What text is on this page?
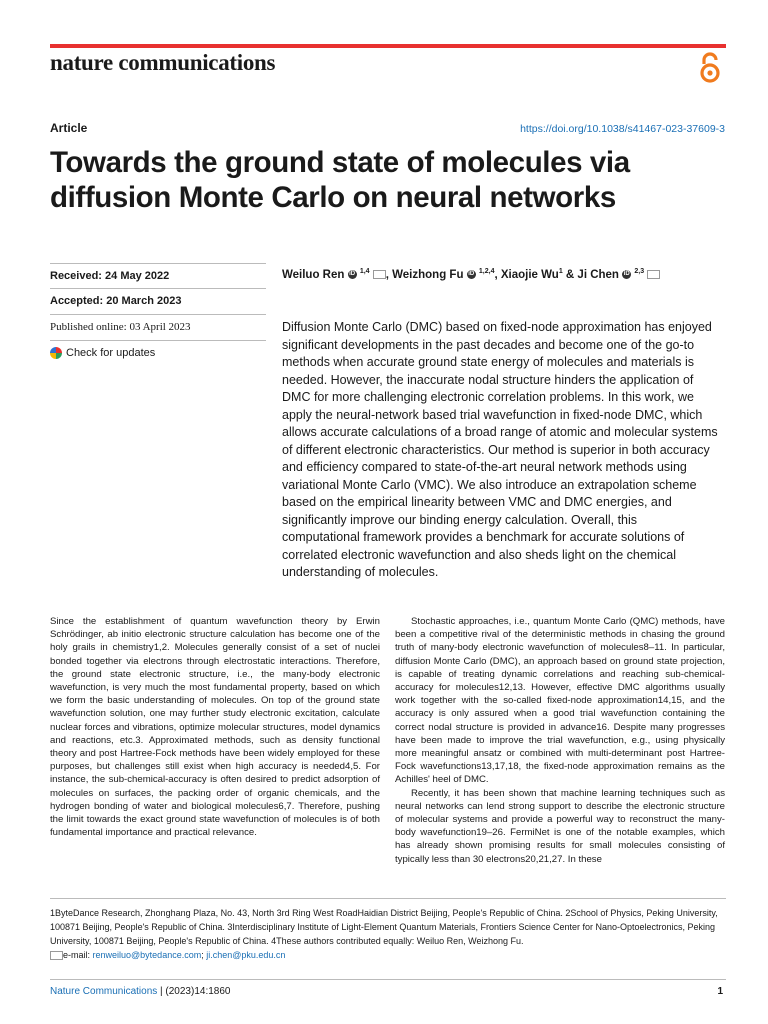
nature communications
Article	https://doi.org/10.1038/s41467-023-37609-3
Towards the ground state of molecules via diffusion Monte Carlo on neural networks
Received: 24 May 2022
Accepted: 20 March 2023
Published online: 03 April 2023
Check for updates
Weiluo Ren iD $^{1,4}$ , Weizhong Fu iD $^{1,2,4}$, Xiaojie Wu$^1$ & Ji Chen iD $^{2,3}$

Diffusion Monte Carlo (DMC) based on fixed-node approximation has enjoyed significant developments in the past decades and become one of the go-to methods when accurate ground state energy of molecules and materials is needed. However, the inaccurate nodal structure hinders the application of DMC for more challenging electronic correlation problems. In this work, we apply the neural-network based trial wavefunction in fixed-node DMC, which allows accurate calculations of a broad range of atomic and molecular systems of different electronic characteristics. Our method is superior in both accuracy and efficiency compared to state-of-the-art neural network methods using variational Monte Carlo (VMC). We also introduce an extrapolation scheme based on the empirical linearity between VMC and DMC energies, and significantly improve our binding energy calculation. Overall, this computational framework provides a benchmark for accurate solutions of correlated electronic wavefunction and also sheds light on the chemical understanding of molecules.

Since the establishment of quantum wavefunction theory by Erwin Schrödinger, ab initio electronic structure calculation has become one of the holy grails in chemistry1,2. Molecules generally consist of a set of nuclei bonded together via electrons through electrostatic interactions. Therefore, the ground state electronic structure, i.e., the many-body electronic wavefunction, is very much the most fundamental property, based on which we form the basic understanding of molecules. On top of the ground state wavefunction solution, one may further study electronic excitation, calculate nuclear forces and vibrations, optimize molecular structures, model dynamics and reactions, etc.3. Approximated methods, such as density functional theory and post Hartree-Fock methods have been widely employed for these purposes, but challenges still exist when high accuracy is needed4,5. For instance, the sub-chemical-accuracy is often desired to predict adsorption of molecules on surfaces, the packing order of organic chemicals, and the hydrogen bonding of water and biological molecules6,7. Therefore, pushing the limit towards the exact ground state wavefunction of molecules is of both fundamental importance and practical relevance.

Stochastic approaches, i.e., quantum Monte Carlo (QMC) methods, have been a competitive rival of the deterministic methods in chasing the ground truth of many-body electronic wavefunction of molecules8–11. In particular, diffusion Monte Carlo (DMC), an approach based on ground state projection, is capable of treating dynamic correlations and reaching sub-chemical-accuracy for molecules12,13. However, effective DMC algorithms usually work together with the so-called fixed-node approximation14,15, and the accuracy is only assured when a good trial wavefunction containing the correct nodal structure is provided in advance16. Despite many progresses have been made to improve the trial wavefunction, e.g., using physically more meaningful ansatz or combined with multi-determinant post Hartree-Fock wavefunctions13,17,18, the fixed-node approximation remains as the Achilles' heel of DMC.

Recently, it has been shown that machine learning techniques such as neural networks can lend strong support to describe the electronic structure of molecular systems and provide a powerful way to reconstruct the many-body wavefunction19–26. FermiNet is one of the notable examples, which has already shown promising results for small molecules consisting of typically less than 30 electrons20,21,27. In these

1ByteDance Research, Zhonghang Plaza, No. 43, North 3rd Ring West RoadHaidian District Beijing, People's Republic of China. 2School of Physics, Peking University, 100871 Beijing, People's Republic of China. 3Interdisciplinary Institute of Light-Element Quantum Materials, Frontiers Science Center for Nano-Optoelectronics, Peking University, 100871 Beijing, People's Republic of China. 4These authors contributed equally: Weiluo Ren, Weizhong Fu.
e-mail: renweiluo@bytedance.com; ji.chen@pku.edu.cn
Nature Communications | (2023)14:1860	1
